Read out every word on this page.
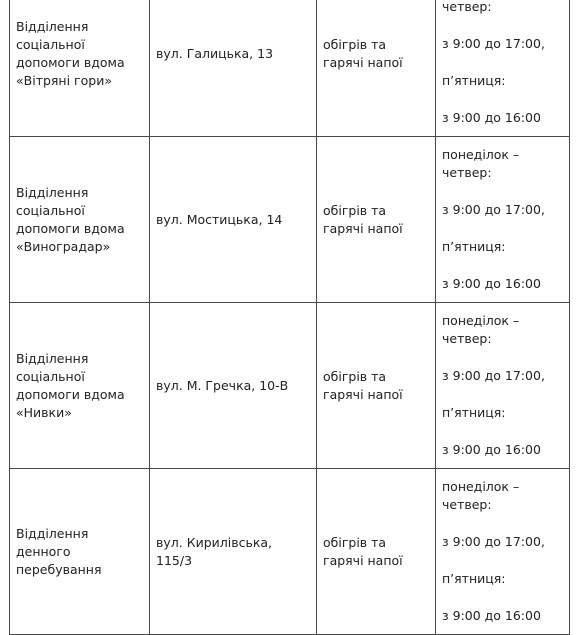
Відділення соціальної допомоги вдома «Вітряні гори»	вул. Галицька, 13	обігрів та гарячі напої	четвер:

з 9:00 до 17:00,

п’ятниця:

з 9:00 до 16:00

Відділення соціальної допомоги вдома «Виноградар»	вул. Мостицька, 14	обігрів та гарячі напої	понеділок – четвер:

з 9:00 до 17:00,

п’ятниця:

з 9:00 до 16:00

Відділення соціальної допомоги вдома «Нивки»	вул. М. Гречка, 10-В	обігрів та гарячі напої	понеділок – четвер:

з 9:00 до 17:00,

п’ятниця:

з 9:00 до 16:00

Відділення денного перебування	вул. Кирилівська, 115/3	обігрів та гарячі напої	понеділок – четвер:

з 9:00 до 17:00,

п’ятниця:

з 9:00 до 16:00
